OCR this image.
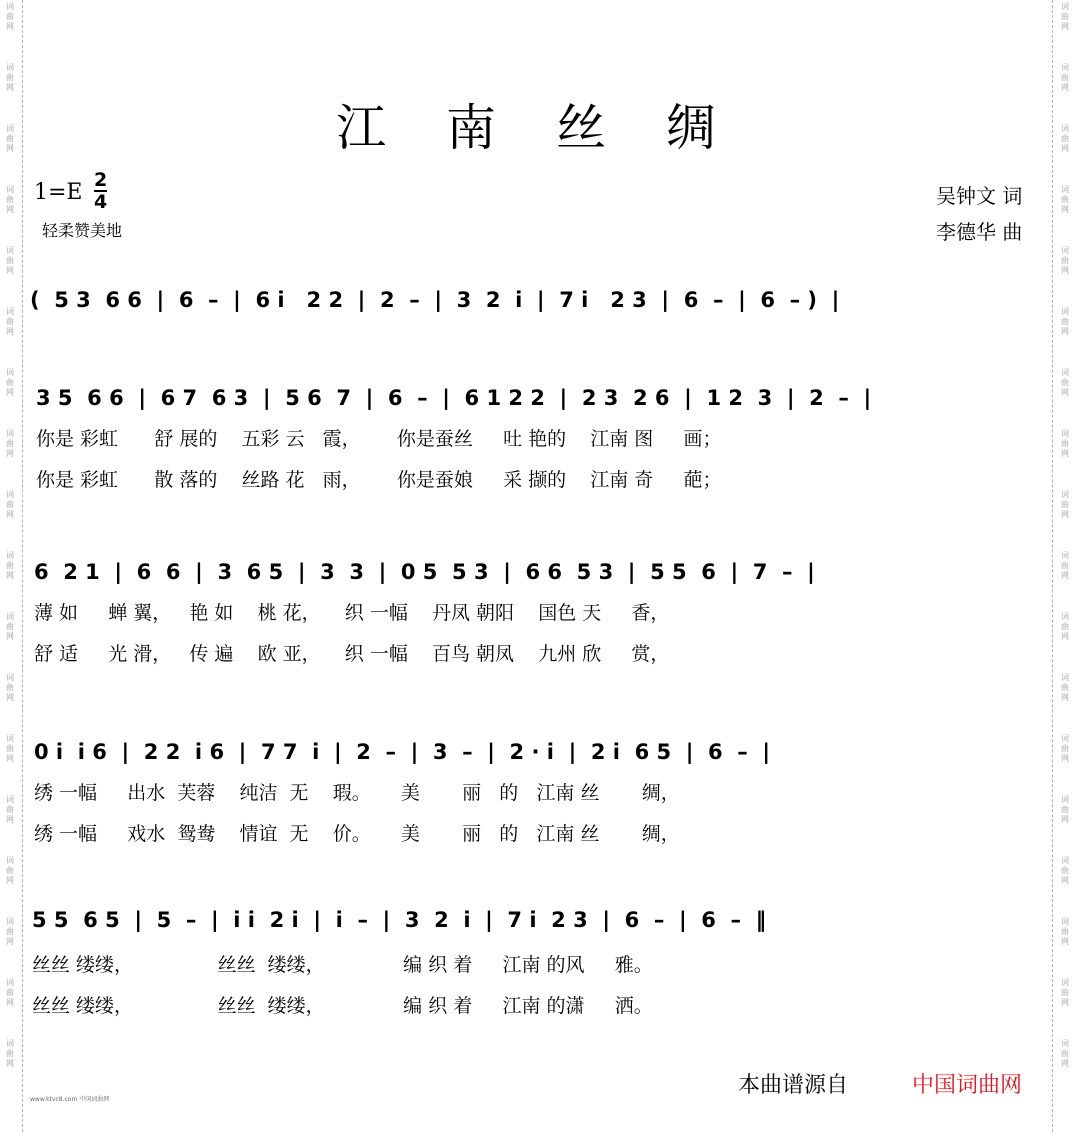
词
曲
网
词
曲
网
词
曲
网
词
曲
网
词
曲
网
词
曲
网
词
曲
网
词
曲
网
词
曲
网
词
曲
网
词
曲
网
词
曲
网
词
曲
网
词
曲
网
词
曲
网
词
曲
网
词
曲
网
词
曲
网
词
曲
网
词
曲
网
词
曲
网
词
曲
网
词
曲
网
词
曲
网
词
曲
网
词
曲
网
词
曲
网
词
曲
网
词
曲
网
词
曲
网
词
曲
网
词
曲
网
词
曲
网
词
曲
网
词
曲
网
词
曲
网
江 南 丝 绸
1=E 2
4
轻柔赞美地
吴钟文 词
李德华 曲
(  5 3  6 6  |  6  –  |  6 i   2 2  |  2  –  |  3  2  i  |  7 i   2 3  |  6  –  |  6  – )  |
3 5  6 6  |  6 7  6 3  |  5 6  7  |  6  –  |  6 1 2 2  |  2 3  2 6  |  1 2  3  |  2  –  |
你是 彩虹      舒 展的    五彩 云   霞，      你是蚕丝     吐 艳的    江南 图     画；
你是 彩虹      散 落的    丝路 花   雨，      你是蚕娘     采 撷的    江南 奇     葩；
6  2 1  |  6  6  |  3  6 5  |  3  3  |  0 5  5 3  |  6 6  5 3  |  5 5  6  |  7  –  |
薄 如     蝉 翼，   艳 如    桃 花，    织 一幅    丹凤 朝阳    国色 天     香，
舒 适     光 滑，   传 遍    欧 亚，    织 一幅    百鸟 朝凤    九州 欣     赏，
0 i  i 6  |  2 2  i 6  |  7 7  i  |  2  –  |  3  –  |  2 · i  |  2 i  6 5  |  6  –  |
绣 一幅     出水  芙蓉    纯洁  无    瑕。     美       丽   的   江南 丝       绸，
绣 一幅     戏水  鸳鸯    情谊  无    价。     美       丽   的   江南 丝       绸，
5 5  6 5  |  5  –  |  i i  2 i  |  i  –  |  3  2  i  |  7 i  2 3  |  6  –  |  6  –  ‖
丝丝 缕缕，              丝丝  缕缕，             编 织 着     江南 的风     雅。
丝丝 缕缕，              丝丝  缕缕，             编 织 着     江南 的潇     洒。
www.ktvc8.com 中国词曲网
本曲谱源自	中国词曲网
